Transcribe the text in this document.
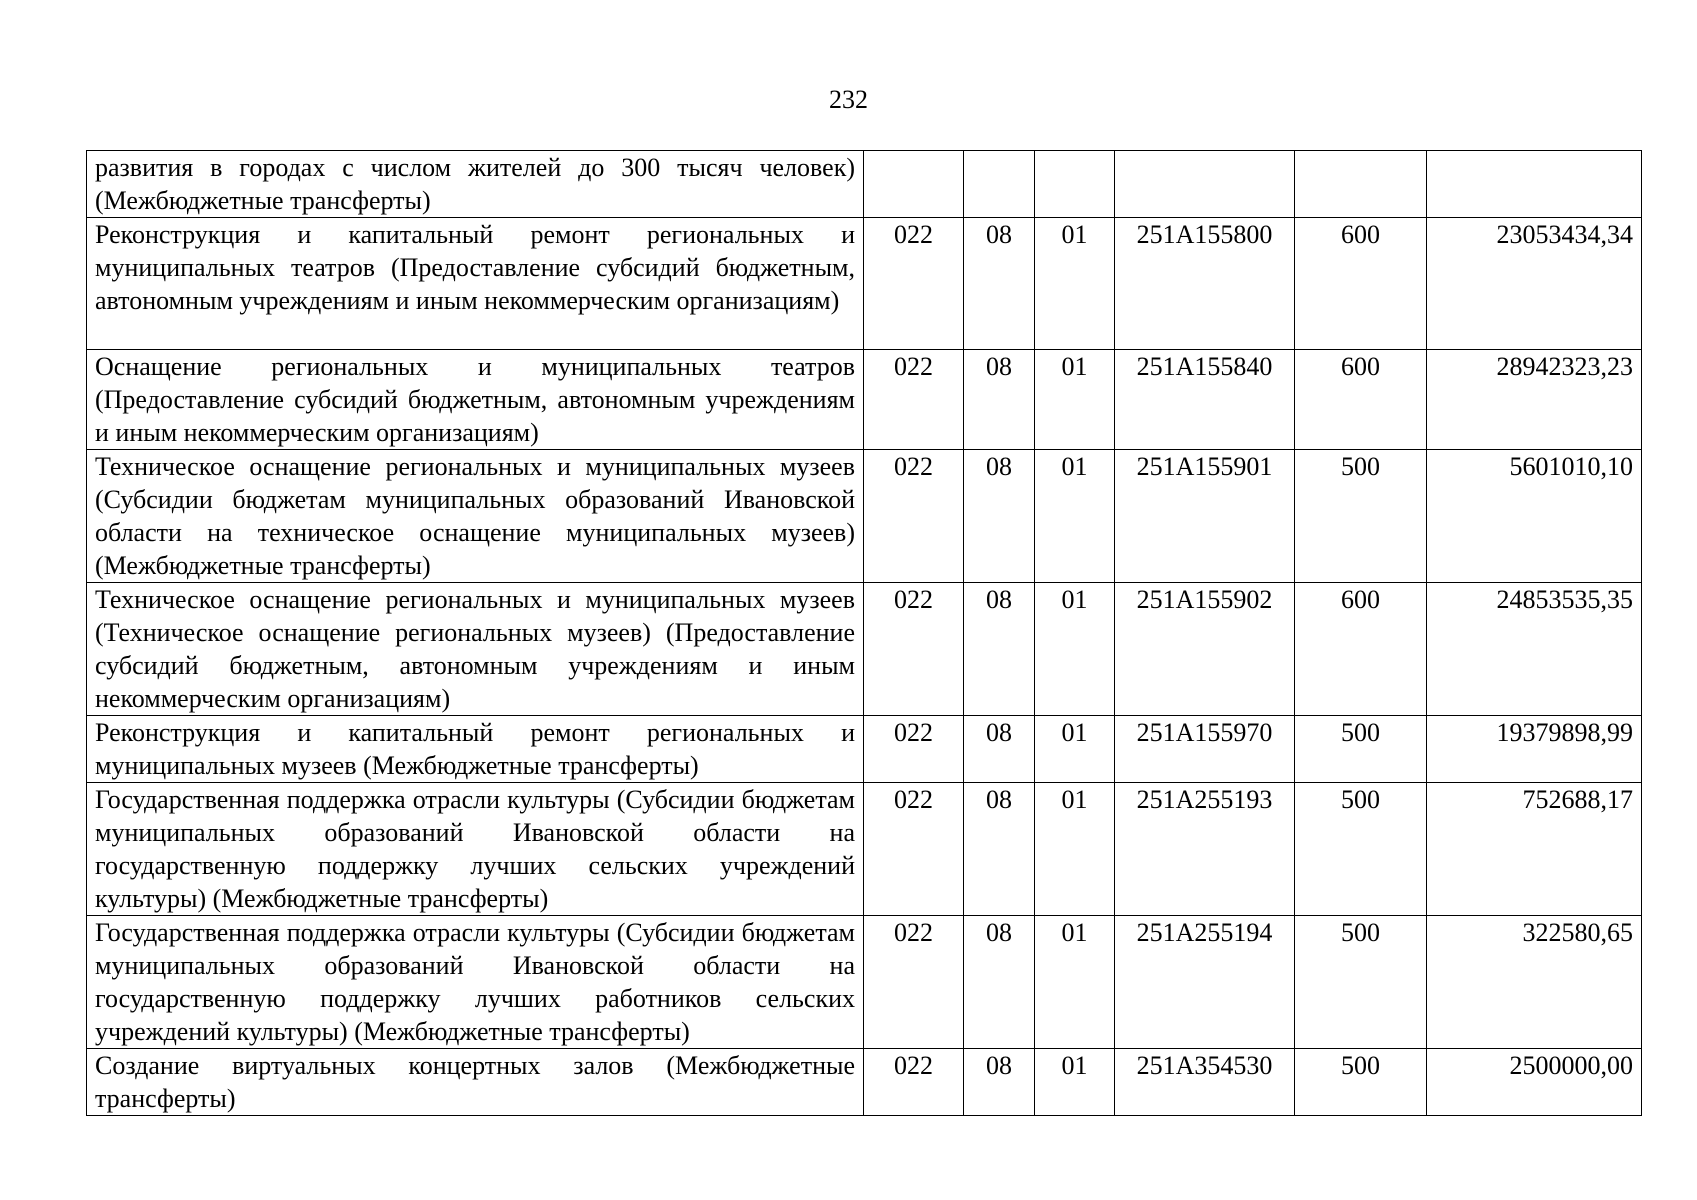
232
развития в городах с числом жителей до 300 тысяч человек) (Межбюджетные трансферты)						
Реконструкция и капитальный ремонт региональных и муниципальных театров (Предоставление субсидий бюджетным, автономным учреждениям и иным некоммерческим организациям)	022	08	01	251A155800	600	23053434,34
Оснащение региональных и муниципальных театров (Предоставление субсидий бюджетным, автономным учреждениям и иным некоммерческим организациям)	022	08	01	251A155840	600	28942323,23
Техническое оснащение региональных и муниципальных музеев (Субсидии бюджетам муниципальных образований Ивановской области на техническое оснащение муниципальных музеев) (Межбюджетные трансферты)	022	08	01	251A155901	500	5601010,10
Техническое оснащение региональных и муниципальных музеев (Техническое оснащение региональных музеев) (Предоставление субсидий бюджетным, автономным учреждениям и иным некоммерческим организациям)	022	08	01	251A155902	600	24853535,35
Реконструкция и капитальный ремонт региональных и муниципальных музеев (Межбюджетные трансферты)	022	08	01	251A155970	500	19379898,99
Государственная поддержка отрасли культуры (Субсидии бюджетам муниципальных образований Ивановской области на государственную поддержку лучших сельских учреждений культуры) (Межбюджетные трансферты)	022	08	01	251A255193	500	752688,17
Государственная поддержка отрасли культуры (Субсидии бюджетам муниципальных образований Ивановской области на государственную поддержку лучших работников сельских учреждений культуры) (Межбюджетные трансферты)	022	08	01	251A255194	500	322580,65
Создание виртуальных концертных залов (Межбюджетные трансферты)	022	08	01	251A354530	500	2500000,00
